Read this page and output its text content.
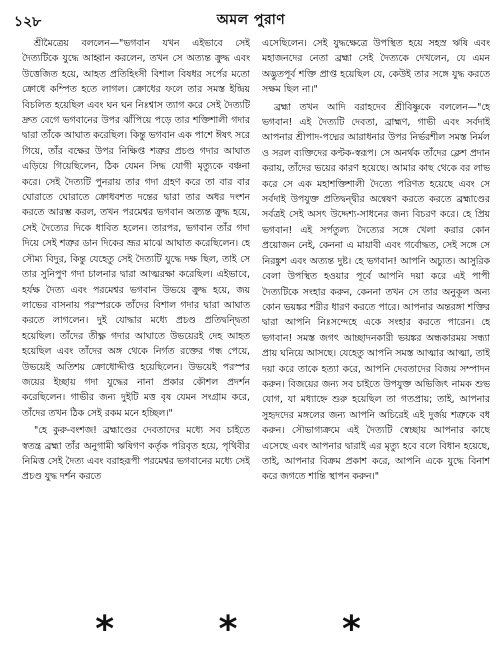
১২৮	অমল পুরাণ

শ্রীমৈত্রেয় বললেন—"ভগবান যখন এইভাবে সেই দৈত্যটিকে যুদ্ধে আহ্বান করলেন, তখন সে অত্যন্ত ক্রুদ্ধ এবং উত্তেজিত হয়ে, আহত প্রতিহিংসী বিশাল বিষধর সর্পের মতো ক্রোধে কম্পিত হতে লাগল। ক্রোধের ফলে তার সমস্ত ইন্দ্রিয় বিচলিত হয়েছিল এবং ঘন ঘন নিঃশ্বাস ত্যাগ করে সেই দৈত্যটি দ্রুত বেগে ভগবানের উপর ঝাঁপিয়ে পড়ে তার শক্তিশালী গদার দ্বারা তাঁকে আঘাত করেছিল। কিন্তু ভগবান এক পাশে ঈষৎ সরে গিয়ে, তাঁর বক্ষের উপর নিক্ষিপ্ত শত্রুর প্রচণ্ড গদার আঘাত এড়িয়ে গিয়েছিলেন, ঠিক যেমন সিদ্ধ যোগী মৃত্যুকে বঞ্চনা করে। সেই দৈত্যটি পুনরায় তার গদা গ্রহণ করে তা বার বার ঘোরাতে ঘোরাতে ক্রোধবশত দন্তের দ্বারা তার অধর দংশন করতে আরম্ভ করল, তখন পরমেশ্বর ভগবান অত্যন্ত ক্রুদ্ধ হয়ে, সেই দৈত্যের দিকে ধাবিত হলেন। তারপর, ভগবান তাঁর গদা দিয়ে সেই শত্রুর ডান দিকের ভ্রূর মাঝে আঘাত করেছিলেন। হে সৌম্য বিদুর, কিন্তু যেহেতু সেই দৈত্যটি যুদ্ধে দক্ষ ছিল, তাই সে তার সুনিপুণ গদা চালনার দ্বারা আত্মরক্ষা করেছিল। এইভাবে, হর্যক্ষ দৈত্য এবং পরমেশ্বর ভগবান উভয়ে ক্রুদ্ধ হয়ে, জয় লাভের বাসনায় পরস্পরকে তাঁদের বিশাল গদার দ্বারা আঘাত করতে লাগলেন। দুই যোদ্ধার মধ্যে প্রচণ্ড প্রতিদ্বন্দ্বিতা হয়েছিল। তাঁদের তীক্ষ্ণ গদার আঘাতে উভয়েরই দেহ আহত হয়েছিল এবং তাঁদের অঙ্গ থেকে নির্গত রক্তের গন্ধ পেয়ে, উভয়েই অতিশয় ক্রোধোদ্দীপ্ত হয়েছিলেন। উভয়েই পরস্পর জয়ের ইচ্ছায় গদা যুদ্ধের নানা প্রকার কৌশল প্রদর্শন করেছিলেন। গাভীর জন্য দুইটি মত্ত বৃষ যেমন সংগ্রাম করে, তাঁদের তখন ঠিক সেই রকম মনে হচ্ছিল।"

"হে কুরু-বংশজ! ব্রহ্মাণ্ডের দেবতাদের মধ্যে সব চাইতে স্বতন্ত্র ব্রহ্মা তাঁর অনুগামী ঋষিগণ কর্তৃক পরিবৃত হয়ে, পৃথিবীর নিমিত্ত সেই দৈত্য এবং বরাহরূপী পরমেশ্বর ভগবানের মধ্যে সেই প্রচণ্ড যুদ্ধ দর্শন করতে

এসেছিলেন। সেই যুদ্ধক্ষেত্রে উপস্থিত হয়ে সহস্র ঋষি এবং মহাজনদের নেতা ব্রহ্মা সেই দৈত্যকে দেখলেন, যে এমন অদ্ভুতপূর্ব শক্তি প্রাপ্ত হয়েছিল যে, কেউই তার সঙ্গে যুদ্ধ করতে সক্ষম ছিল না।"

ব্রহ্মা তখন আদি বরাহদেব শ্রীবিষ্ণুকে বললেন—"হে ভগবান! এই দৈত্যটি দেবতা, ব্রাহ্মণ, গাভী এবং সর্বদাই আপনার শ্রীপাদ-পদ্মের আরাধনার উপর নির্ভরশীল সমস্ত নির্মল ও সরল ব্যক্তিদের কণ্টক-স্বরূপ। সে অনর্থক তাঁদের ক্লেশ প্রদান করায়, তাঁদের ভয়ের কারণ হয়েছে। আমার কাছ থেকে বর লাভ করে সে এক মহাশক্তিশালী দৈত্যে পরিণত হয়েছে এবং সে সর্বদাই উপযুক্ত প্রতিদ্বন্দ্বীর অন্বেষণ করতে করতে ব্রহ্মাণ্ডের সর্বত্রই সেই অসৎ উদ্দেশ্য-সাধনের জন্য বিচরণ করে। হে প্রিয় ভগবান! এই সর্পতুল্য দৈত্যের সঙ্গে খেলা করার কোন প্রয়োজন নেই, কেননা এ মায়াবী এবং গর্বোদ্ধত, সেই সঙ্গে সে নিরঙ্কুশ এবং অত্যন্ত দুষ্ট। হে ভগবান! আপনি অচ্যুত। আসুরিক বেলা উপস্থিত হওয়ার পূর্বে আপনি দয়া করে এই পাপী দৈত্যটিকে সংহার করুন, কেননা তখন সে তার অনুকূল অন্য কোন ভয়ঙ্কর শরীর ধারণ করতে পারে। আপনার অন্তরঙ্গা শক্তির দ্বারা আপনি নিঃসন্দেহে একে সংহার করতে পারেন। হে ভগবান! সমস্ত জগৎ আচ্ছাদনকারী ভয়ঙ্কর অন্ধকারময় সন্ধ্যা প্রায় ঘনিয়ে আসছে। যেহেতু আপনি সমস্ত আত্মার আত্মা, তাই দয়া করে তাকে হত্যা করে, আপনি দেবতাদের বিজয় সম্পাদন করুন। বিজয়ের জন্য সব চাইতে উপযুক্ত অভিজিৎ নামক শুভ যোগ, যা মধ্যাহ্নে শুরু হয়েছিল তা গতপ্রায়; তাই, আপনার সুহৃদদের মঙ্গলের জন্য আপনি অচিরেই এই দুর্জয় শত্রুকে বধ করুন। সৌভাগ্যক্রমে এই দৈত্যটি স্বেচ্ছায় আপনার কাছে এসেছে এবং আপনার দ্বারাই এর মৃত্যু হবে বলে বিধান হয়েছে, তাই, আপনার বিক্রম প্রকাশ করে, আপনি একে যুদ্ধে বিনাশ করে জগতে শান্তি স্থাপন করুন।"

* * *
